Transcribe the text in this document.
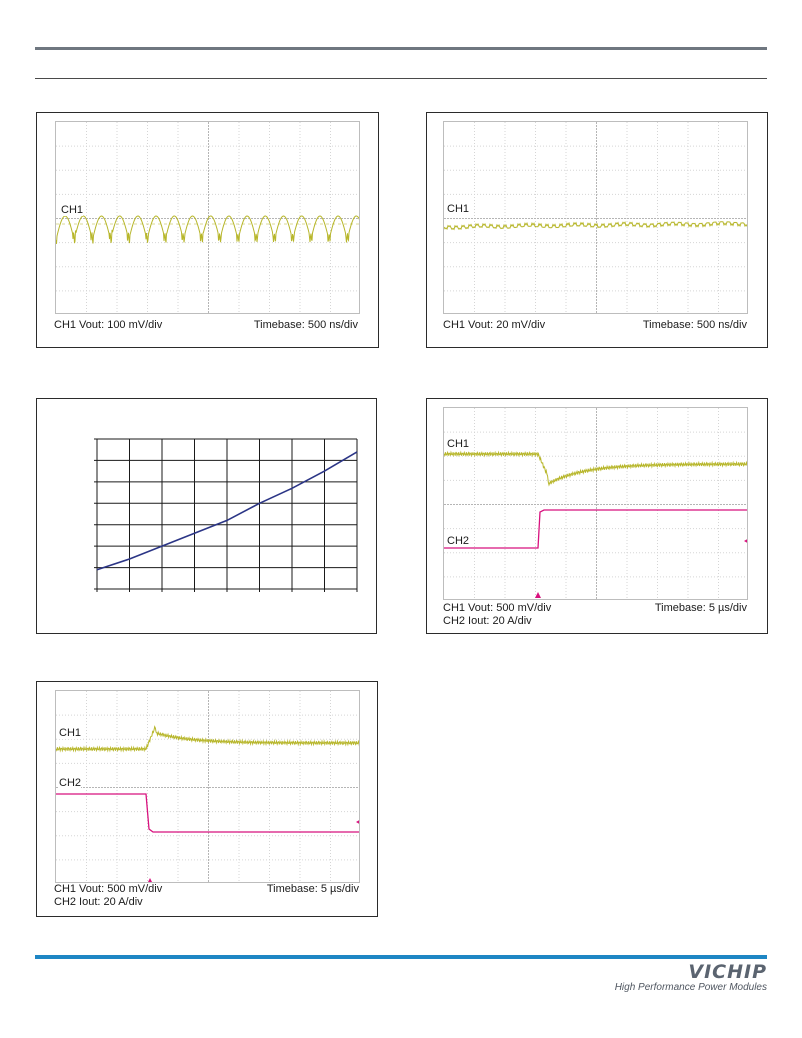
CH1
CH1 Vout: 100 mV/div	Timebase: 500 ns/div
CH1
CH1 Vout: 20 mV/div	Timebase: 500 ns/div
CH1
CH2
CH1 Vout: 500 mV/div	Timebase: 5 µs/div
CH2 Iout: 20 A/div
CH1
CH2
CH1 Vout: 500 mV/div	Timebase: 5 µs/div
CH2 Iout: 20 A/div
VICHIP
High Performance Power Modules
